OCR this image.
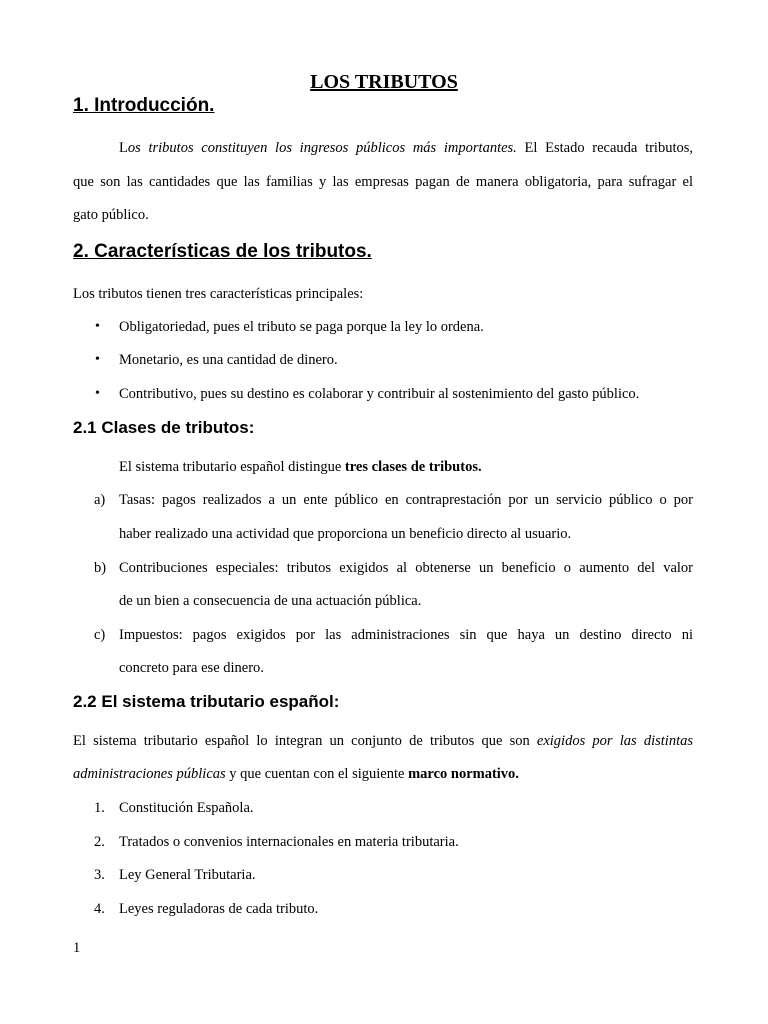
LOS TRIBUTOS
1. Introducción.
Los tributos constituyen los ingresos públicos más importantes. El Estado recauda tributos,
que son las cantidades que las familias y las empresas pagan de manera obligatoria, para sufragar el
gato público.
2. Características de los tributos.
Los tributos tienen tres características principales:
• Obligatoriedad, pues el tributo se paga porque la ley lo ordena.
• Monetario, es una cantidad de dinero.
• Contributivo, pues su destino es colaborar y contribuir al sostenimiento del gasto público.
2.1 Clases de tributos:
El sistema tributario español distingue tres clases de tributos.
a) Tasas: pagos realizados a un ente público en contraprestación por un servicio público o por
haber realizado una actividad que proporciona un beneficio directo al usuario.
b) Contribuciones especiales: tributos exigidos al obtenerse un beneficio o aumento del valor
de un bien a consecuencia de una actuación pública.
c) Impuestos: pagos exigidos por las administraciones sin que haya un destino directo ni
concreto para ese dinero.
2.2 El sistema tributario español:
El sistema tributario español lo integran un conjunto de tributos que son exigidos por las distintas
administraciones públicas y que cuentan con el siguiente marco normativo.
1. Constitución Española.
2. Tratados o convenios internacionales en materia tributaria.
3. Ley General Tributaria.
4. Leyes reguladoras de cada tributo.
1
